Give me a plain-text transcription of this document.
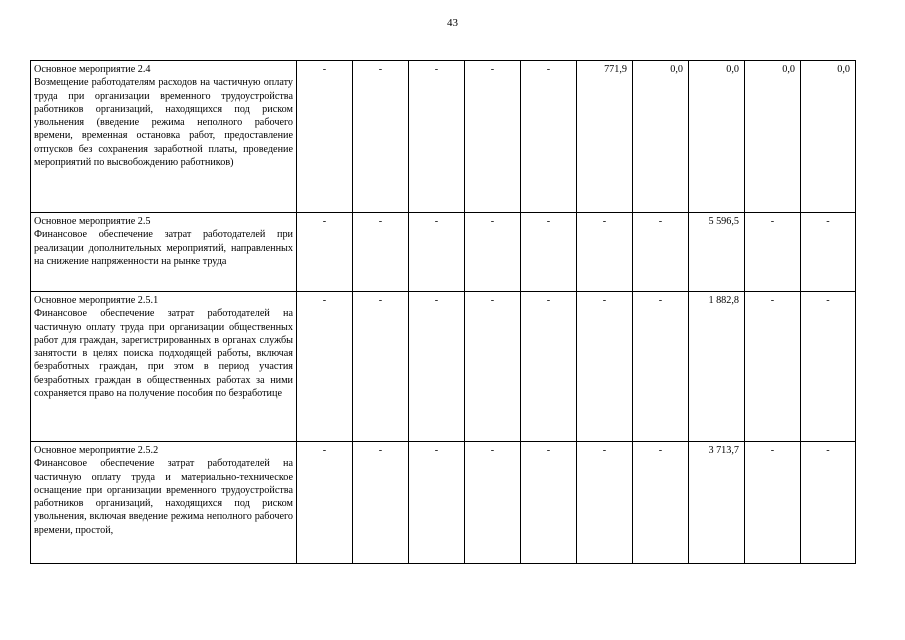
43
Основное мероприятие 2.4
Возмещение работодателям расходов на частичную оплату труда при организации временного трудоустройства работников организаций, находящихся под риском увольнения (введение режима неполного рабочего времени, временная остановка работ, предоставление отпусков без сохранения заработной платы, проведение мероприятий по высвобождению работников)	-	-	-	-	-	771,9	0,0	0,0	0,0	0,0

Основное мероприятие 2.5
Финансовое обеспечение затрат работодателей при реализации дополнительных мероприятий, направленных на снижение напряженности на рынке труда	-	-	-	-	-	-	-	5 596,5	-	-

Основное мероприятие 2.5.1
Финансовое обеспечение затрат работодателей на частичную оплату труда при организации общественных работ для граждан, зарегистрированных в органах службы занятости в целях поиска подходящей работы, включая безработных граждан, при этом в период участия безработных граждан в общественных работах за ними сохраняется право на получение пособия по безработице	-	-	-	-	-	-	-	1 882,8	-	-

Основное мероприятие 2.5.2
Финансовое обеспечение затрат работодателей на частичную оплату труда и материально-техническое оснащение при организации временного трудоустройства работников организаций, находящихся под риском увольнения, включая введение режима неполного рабочего времени, простой,	-	-	-	-	-	-	-	3 713,7	-	-
